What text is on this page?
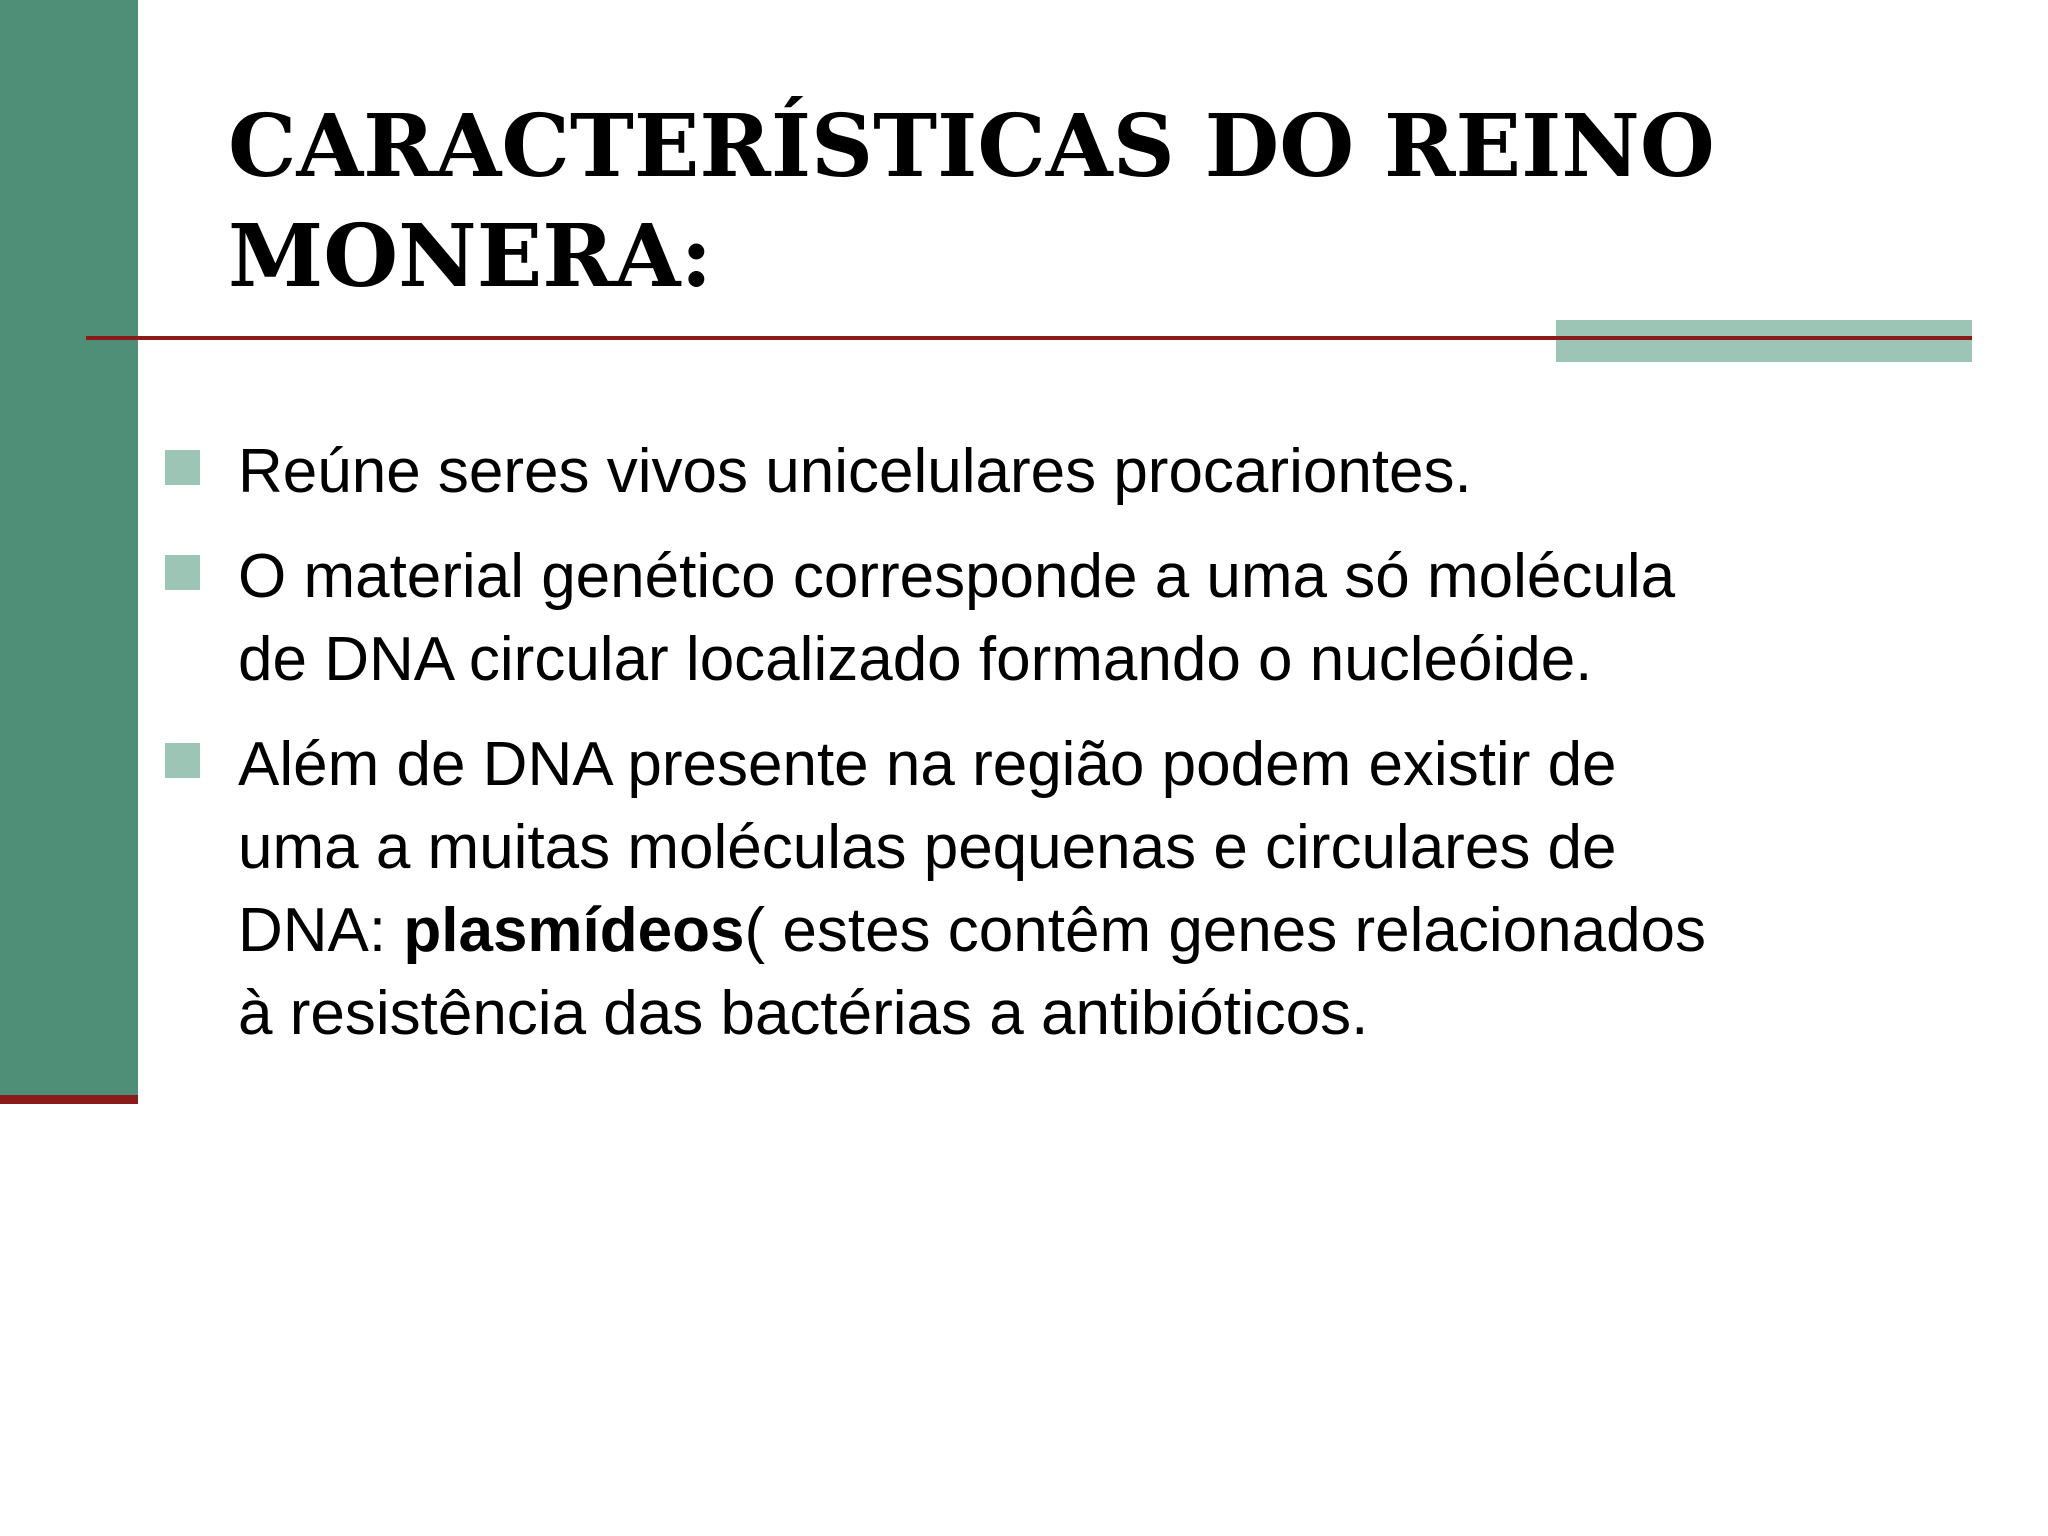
CARACTERÍSTICAS DO REINO
MONERA:

Reúne seres vivos unicelulares procariontes.

O material genético corresponde a uma só molécula

de DNA circular localizado formando o nucleóide.

Além de DNA presente na região podem existir de

uma a muitas moléculas pequenas e circulares de

DNA: plasmídeos( estes contêm genes relacionados

à resistência das bactérias a antibióticos.
